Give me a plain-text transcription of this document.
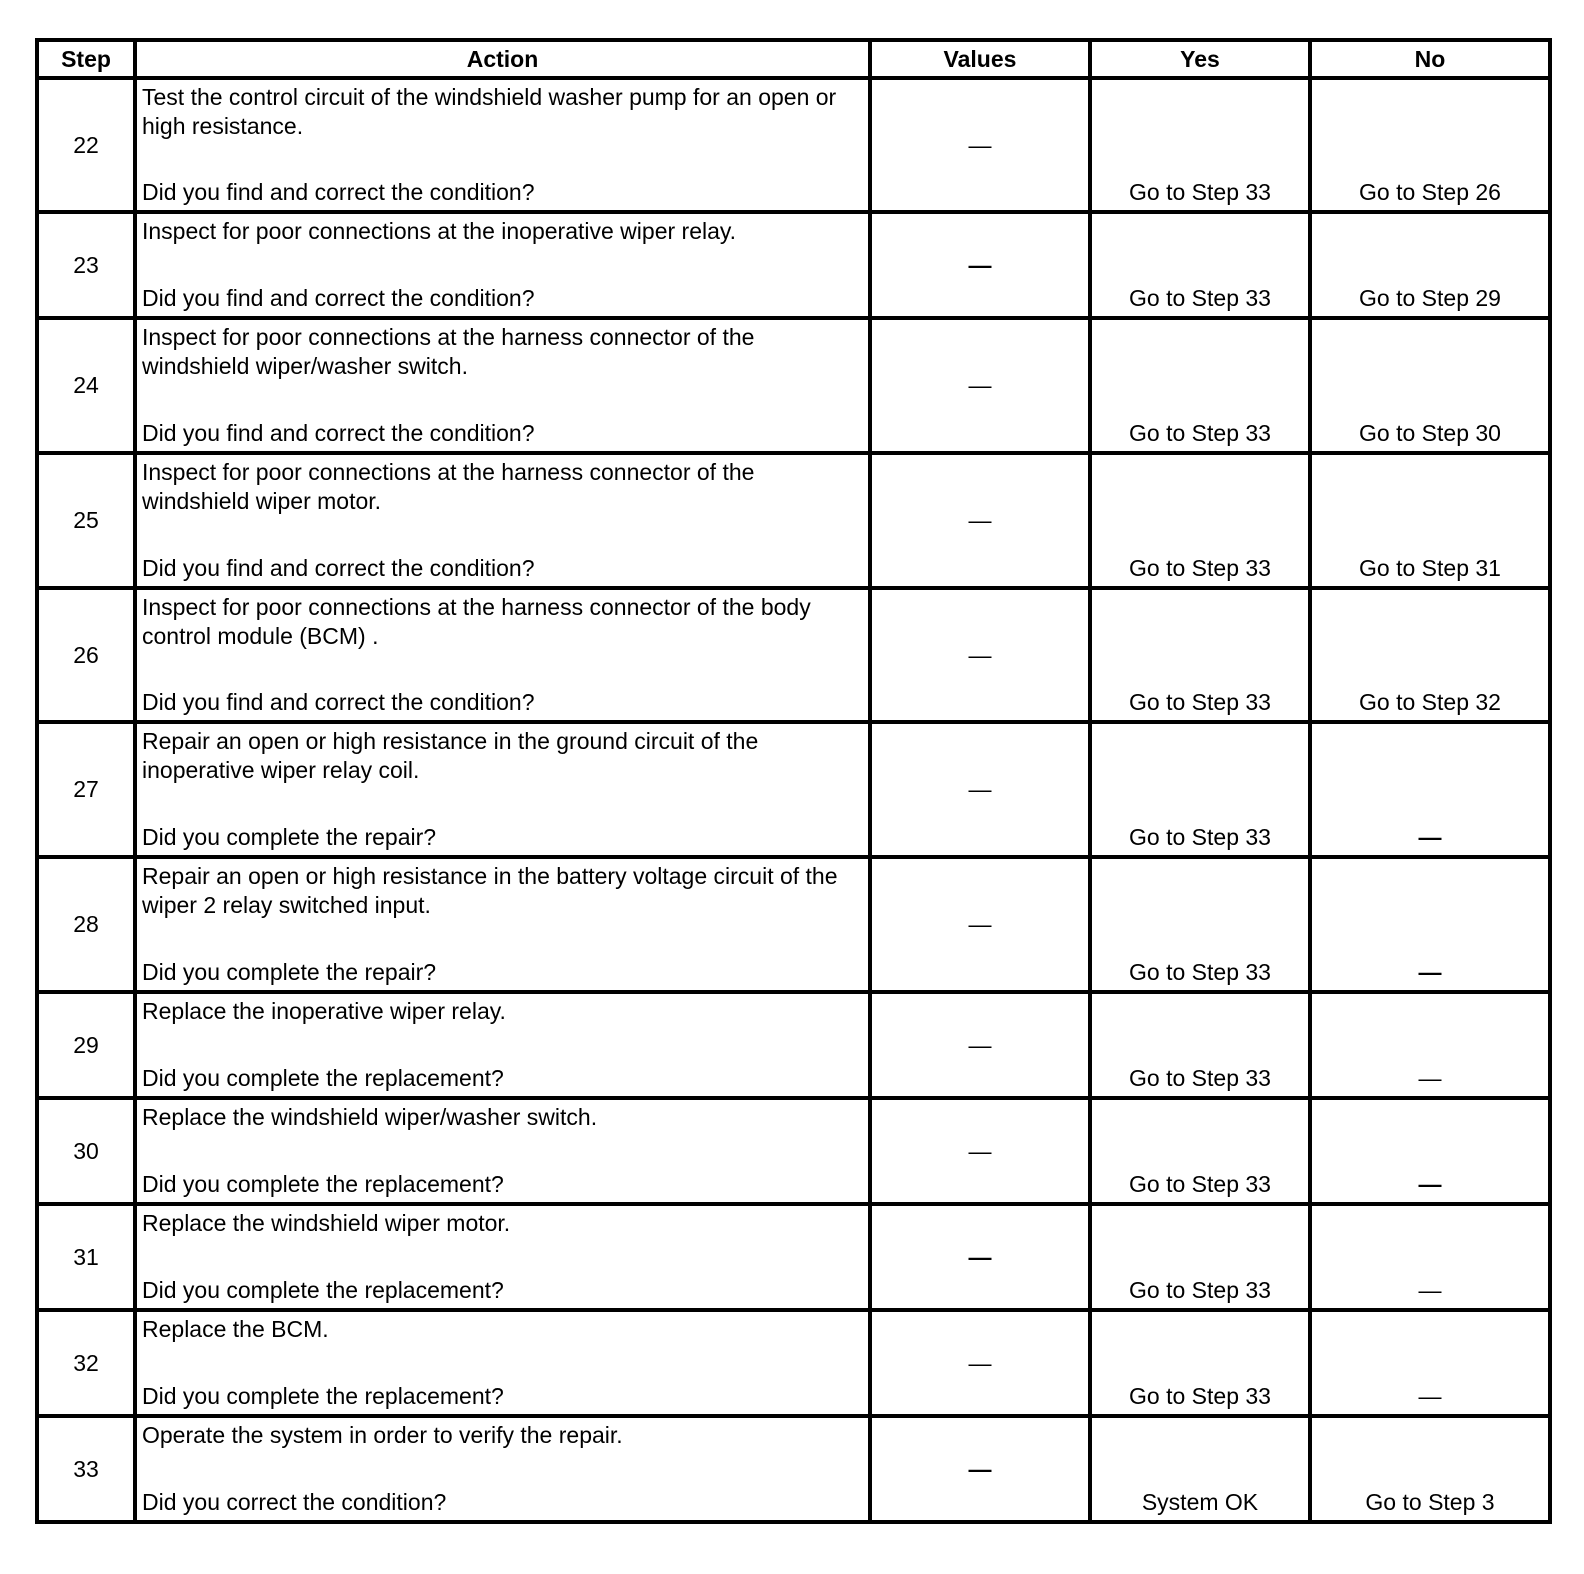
Step	Action	Values	Yes	No
22	Test the control circuit of the windshield washer pump for an open or high resistance.
Did you find and correct the condition?	—	Go to Step 33	Go to Step 26
23	Inspect for poor connections at the inoperative wiper relay.
Did you find and correct the condition?	—	Go to Step 33	Go to Step 29
24	Inspect for poor connections at the harness connector of the windshield wiper/washer switch.
Did you find and correct the condition?	—	Go to Step 33	Go to Step 30
25	Inspect for poor connections at the harness connector of the windshield wiper motor.
Did you find and correct the condition?	—	Go to Step 33	Go to Step 31
26	Inspect for poor connections at the harness connector of the body control module (BCM) .
Did you find and correct the condition?	—	Go to Step 33	Go to Step 32
27	Repair an open or high resistance in the ground circuit of the inoperative wiper relay coil.
Did you complete the repair?	—	Go to Step 33	—
28	Repair an open or high resistance in the battery voltage circuit of the wiper 2 relay switched input.
Did you complete the repair?	—	Go to Step 33	—
29	Replace the inoperative wiper relay.
Did you complete the replacement?	—	Go to Step 33	—
30	Replace the windshield wiper/washer switch.
Did you complete the replacement?	—	Go to Step 33	—
31	Replace the windshield wiper motor.
Did you complete the replacement?	—	Go to Step 33	—
32	Replace the BCM.
Did you complete the replacement?	—	Go to Step 33	—
33	Operate the system in order to verify the repair.
Did you correct the condition?	—	System OK	Go to Step 3
